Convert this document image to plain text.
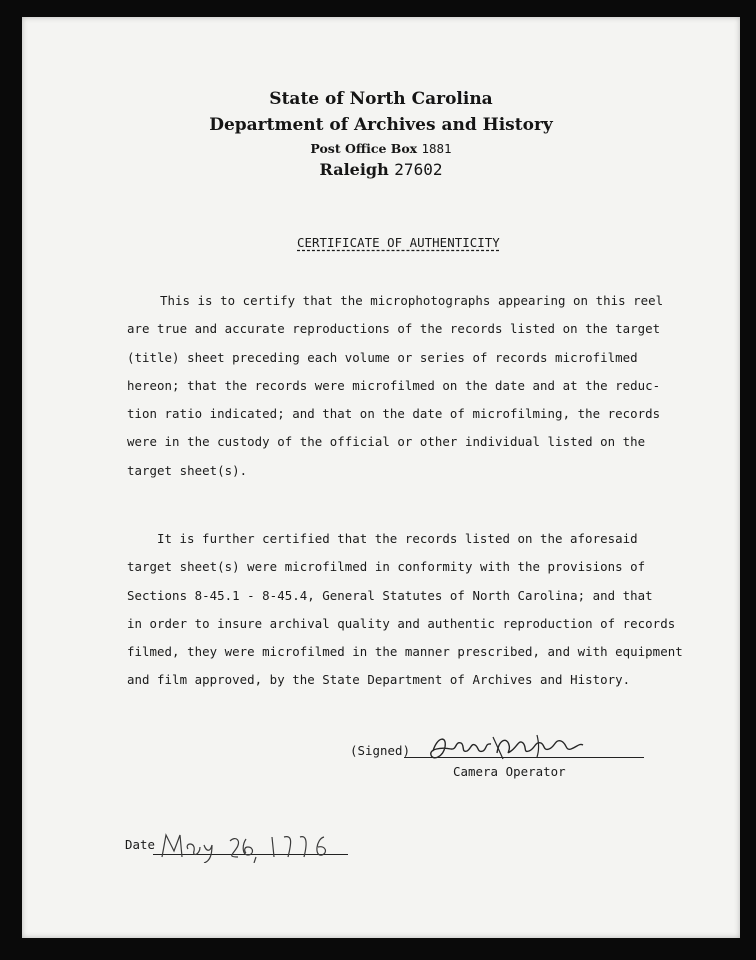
State of North Carolina
Department of Archives and History
Post Office Box 1881
Raleigh 27602
CERTIFICATE OF AUTHENTICITY
This is to certify that the microphotographs appearing on this reel
are true and accurate reproductions of the records listed on the target
(title) sheet preceding each volume or series of records microfilmed
hereon; that the records were microfilmed on the date and at the reduc-
tion ratio indicated; and that on the date of microfilming, the records
were in the custody of the official or other individual listed on the
target sheet(s).
It is further certified that the records listed on the aforesaid
target sheet(s) were microfilmed in conformity with the provisions of
Sections 8-45.1 - 8-45.4, General Statutes of North Carolina; and that
in order to insure archival quality and authentic reproduction of records
filmed, they were microfilmed in the manner prescribed, and with equipment
and film approved, by the State Department of Archives and History.
(Signed)
Camera Operator
Date
